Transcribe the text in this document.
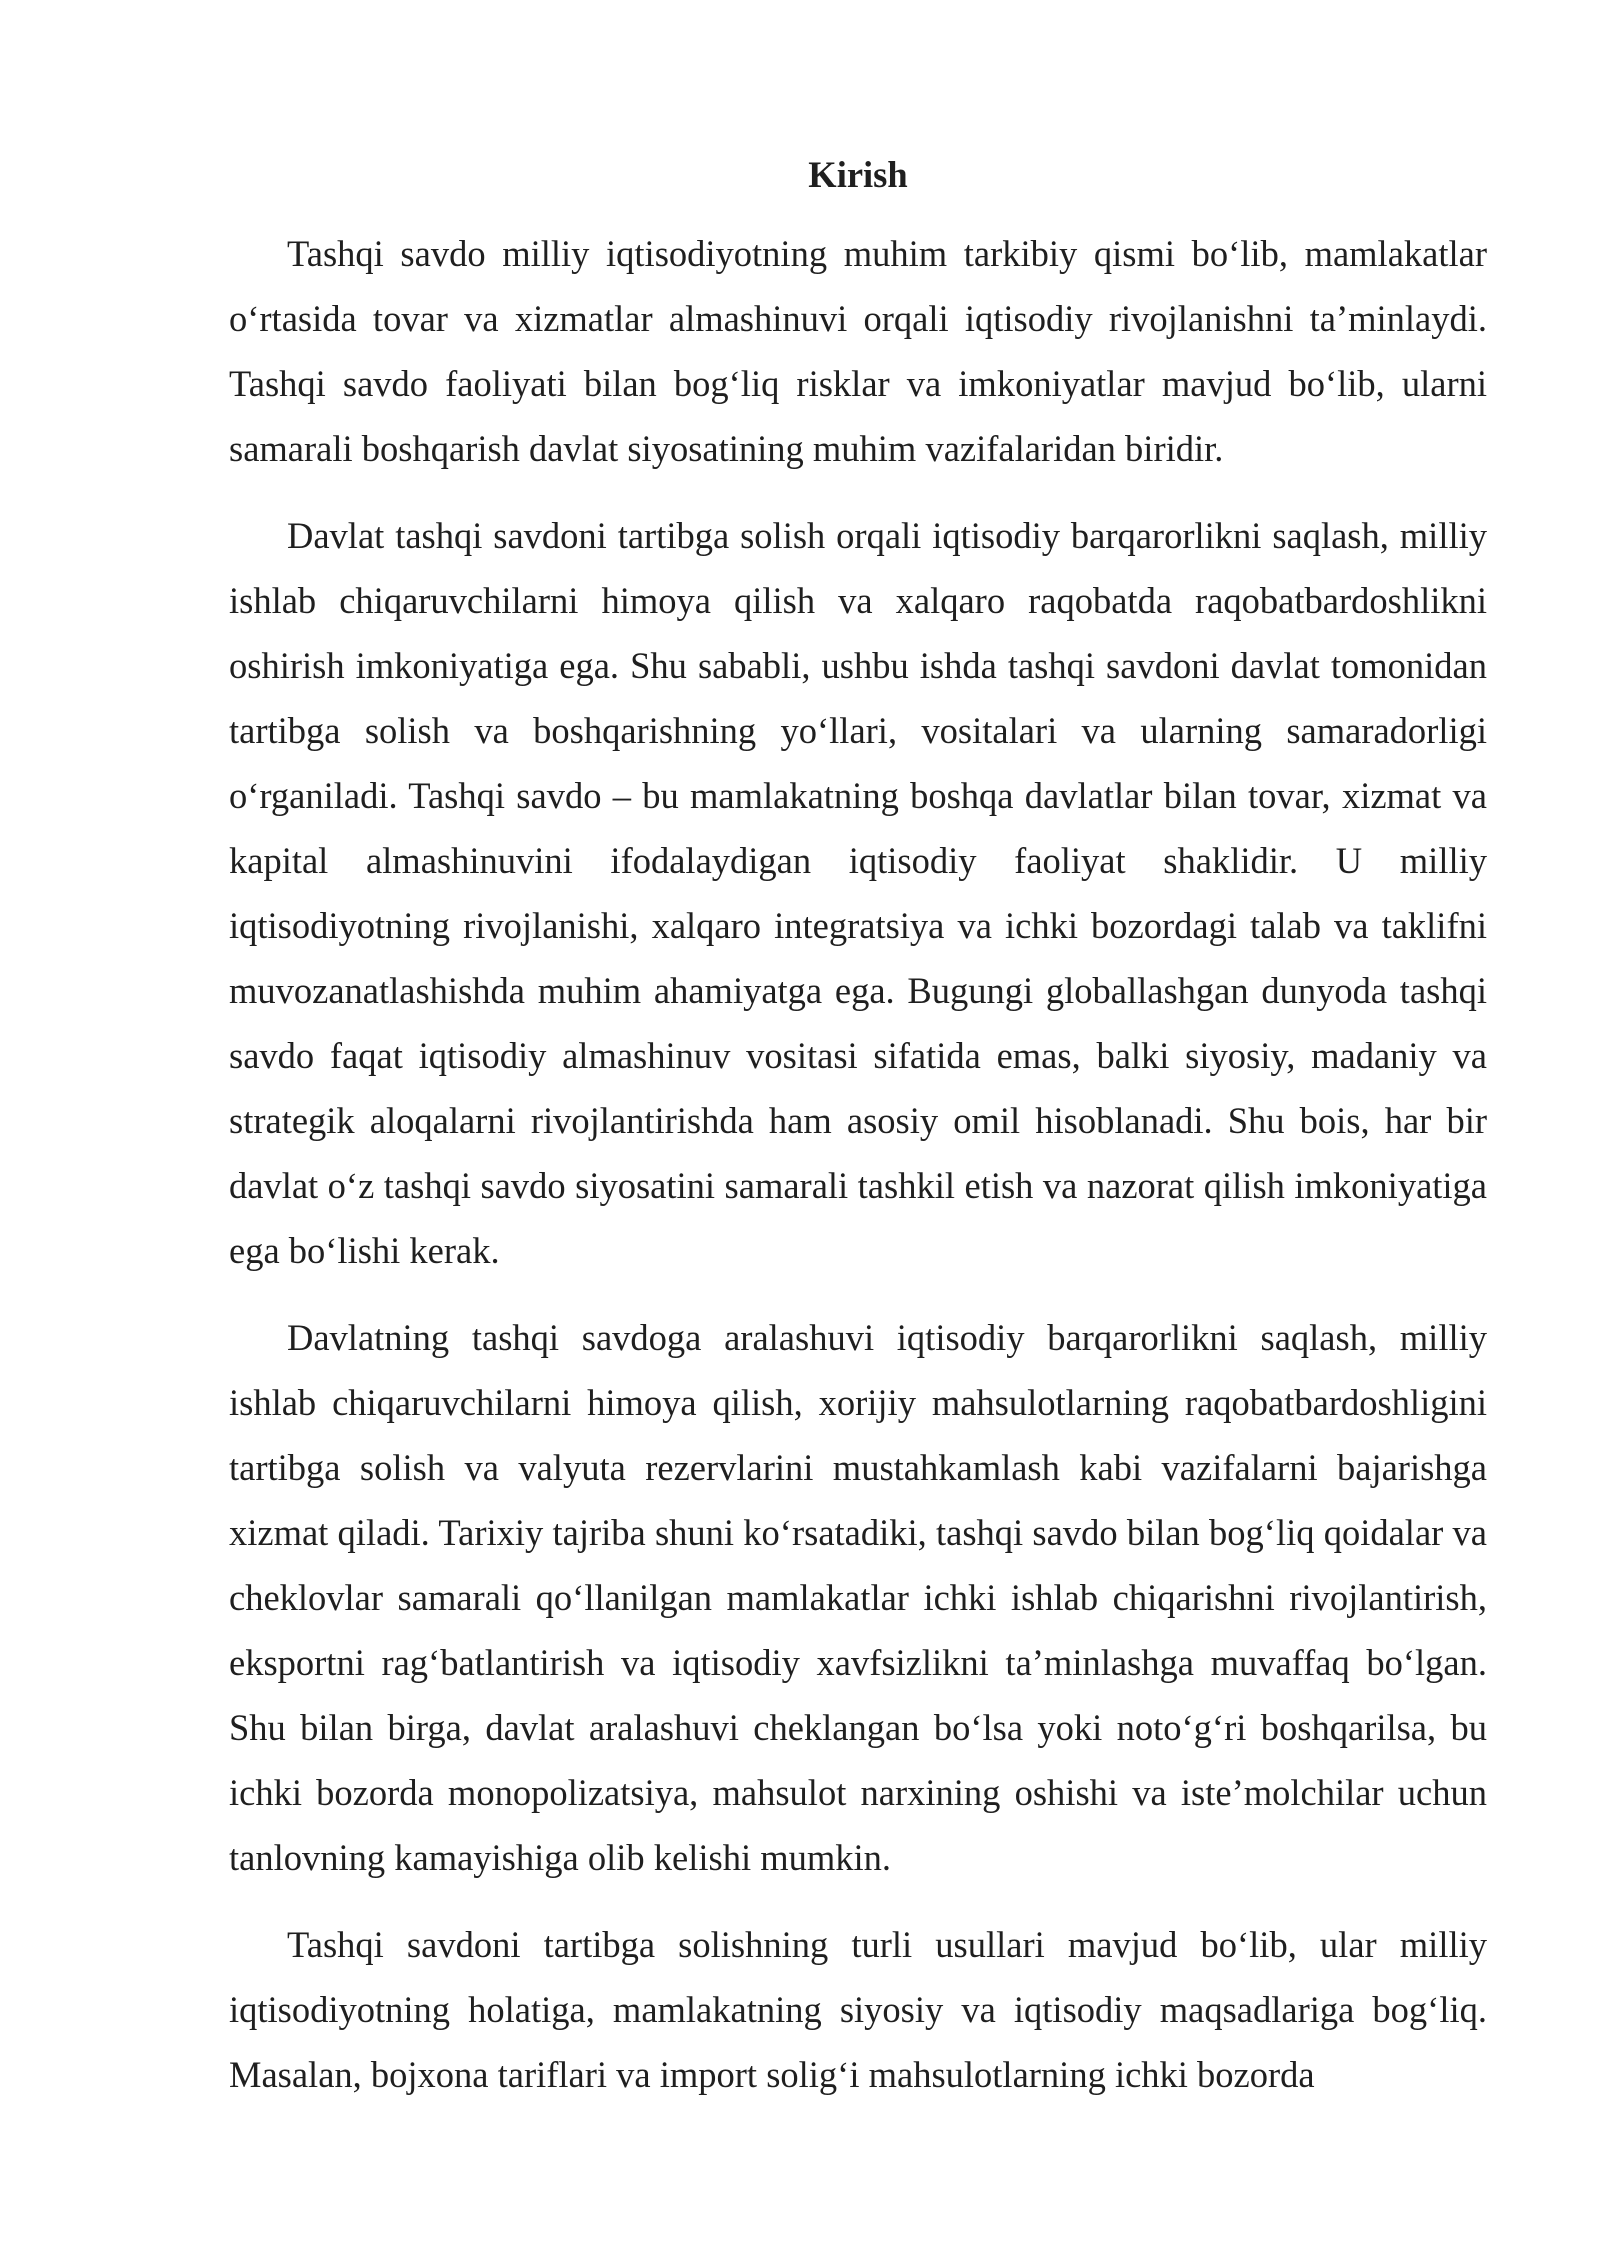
Kirish

Tashqi savdo milliy iqtisodiyotning muhim tarkibiy qismi bo‘lib, mamlakatlar o‘rtasida tovar va xizmatlar almashinuvi orqali iqtisodiy rivojlanishni ta’minlaydi. Tashqi savdo faoliyati bilan bog‘liq risklar va imkoniyatlar mavjud bo‘lib, ularni samarali boshqarish davlat siyosatining muhim vazifalaridan biridir.

Davlat tashqi savdoni tartibga solish orqali iqtisodiy barqarorlikni saqlash, milliy ishlab chiqaruvchilarni himoya qilish va xalqaro raqobatda raqobatbardoshlikni oshirish imkoniyatiga ega. Shu sababli, ushbu ishda tashqi savdoni davlat tomonidan tartibga solish va boshqarishning yo‘llari, vositalari va ularning samaradorligi o‘rganiladi. Tashqi savdo – bu mamlakatning boshqa davlatlar bilan tovar, xizmat va kapital almashinuvini ifodalaydigan iqtisodiy faoliyat shaklidir. U milliy iqtisodiyotning rivojlanishi, xalqaro integratsiya va ichki bozordagi talab va taklifni muvozanatlashishda muhim ahamiyatga ega. Bugungi globallashgan dunyoda tashqi savdo faqat iqtisodiy almashinuv vositasi sifatida emas, balki siyosiy, madaniy va strategik aloqalarni rivojlantirishda ham asosiy omil hisoblanadi. Shu bois, har bir davlat o‘z tashqi savdo siyosatini samarali tashkil etish va nazorat qilish imkoniyatiga ega bo‘lishi kerak.

Davlatning tashqi savdoga aralashuvi iqtisodiy barqarorlikni saqlash, milliy ishlab chiqaruvchilarni himoya qilish, xorijiy mahsulotlarning raqobatbardoshligini tartibga solish va valyuta rezervlarini mustahkamlash kabi vazifalarni bajarishga xizmat qiladi. Tarixiy tajriba shuni ko‘rsatadiki, tashqi savdo bilan bog‘liq qoidalar va cheklovlar samarali qo‘llanilgan mamlakatlar ichki ishlab chiqarishni rivojlantirish, eksportni rag‘batlantirish va iqtisodiy xavfsizlikni ta’minlashga muvaffaq bo‘lgan. Shu bilan birga, davlat aralashuvi cheklangan bo‘lsa yoki noto‘g‘ri boshqarilsa, bu ichki bozorda monopolizatsiya, mahsulot narxining oshishi va iste’molchilar uchun tanlovning kamayishiga olib kelishi mumkin.

Tashqi savdoni tartibga solishning turli usullari mavjud bo‘lib, ular milliy iqtisodiyotning holatiga, mamlakatning siyosiy va iqtisodiy maqsadlariga bog‘liq. Masalan, bojxona tariflari va import solig‘i mahsulotlarning ichki bozorda
